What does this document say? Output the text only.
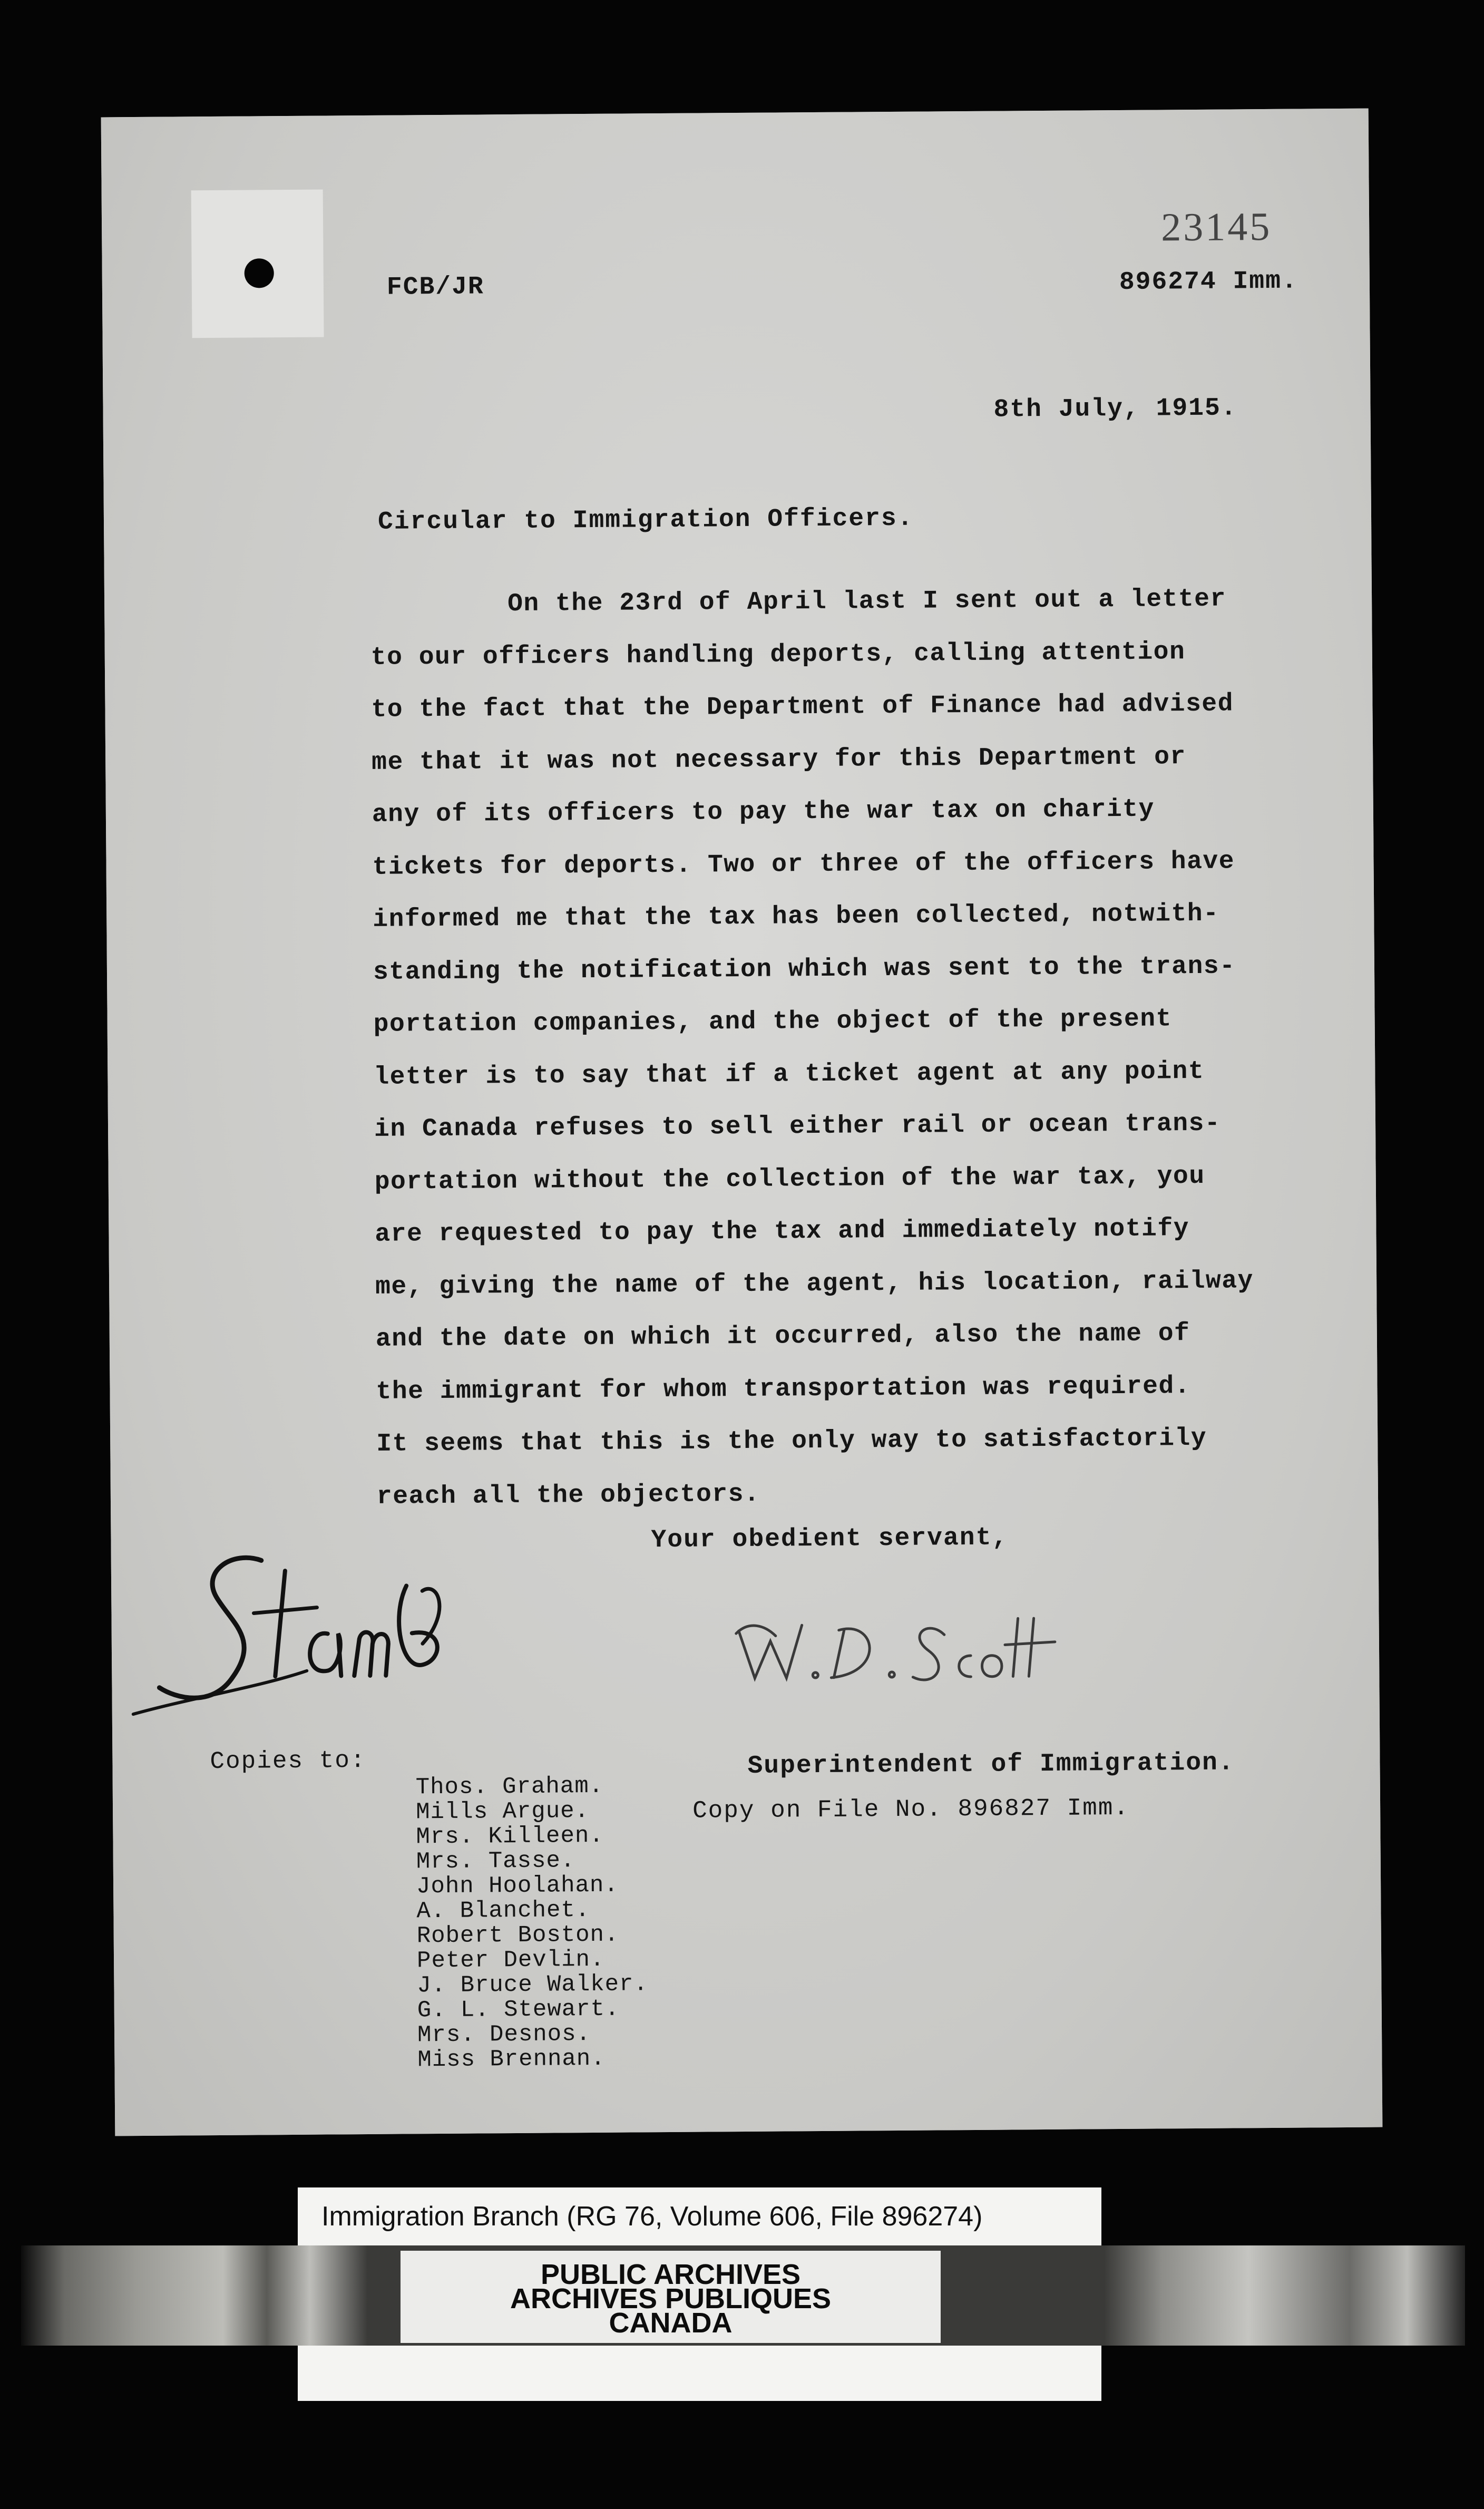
23145
FCB/JR	896274 Imm.
8th July, 1915.
Circular to Immigration Officers.
On the 23rd of April last I sent out a letter
to our officers handling deports, calling attention
to the fact that the Department of Finance had advised
me that it was not necessary for this Department or
any of its officers to pay the war tax on charity
tickets for deports. Two or three of the officers have
informed me that the tax has been collected, notwith-
standing the notification which was sent to the trans-
portation companies, and the object of the present
letter is to say that if a ticket agent at any point
in Canada refuses to sell either rail or ocean trans-
portation without the collection of the war tax, you
are requested to pay the tax and immediately notify
me, giving the name of the agent, his location, railway
and the date on which it occurred, also the name of
the immigrant for whom transportation was required.
It seems that this is the only way to satisfactorily
reach all the objectors.
Your obedient servant,
Superintendent of Immigration.
Copy on File No. 896827 Imm.
Copies to:
Thos. Graham.
Mills Argue.
Mrs. Killeen.
Mrs. Tasse.
John Hoolahan.
A. Blanchet.
Robert Boston.
Peter Devlin.
J. Bruce Walker.
G. L. Stewart.
Mrs. Desnos.
Miss Brennan.
Immigration Branch (RG 76, Volume 606, File 896274)
PUBLIC ARCHIVES
ARCHIVES PUBLIQUES
CANADA
